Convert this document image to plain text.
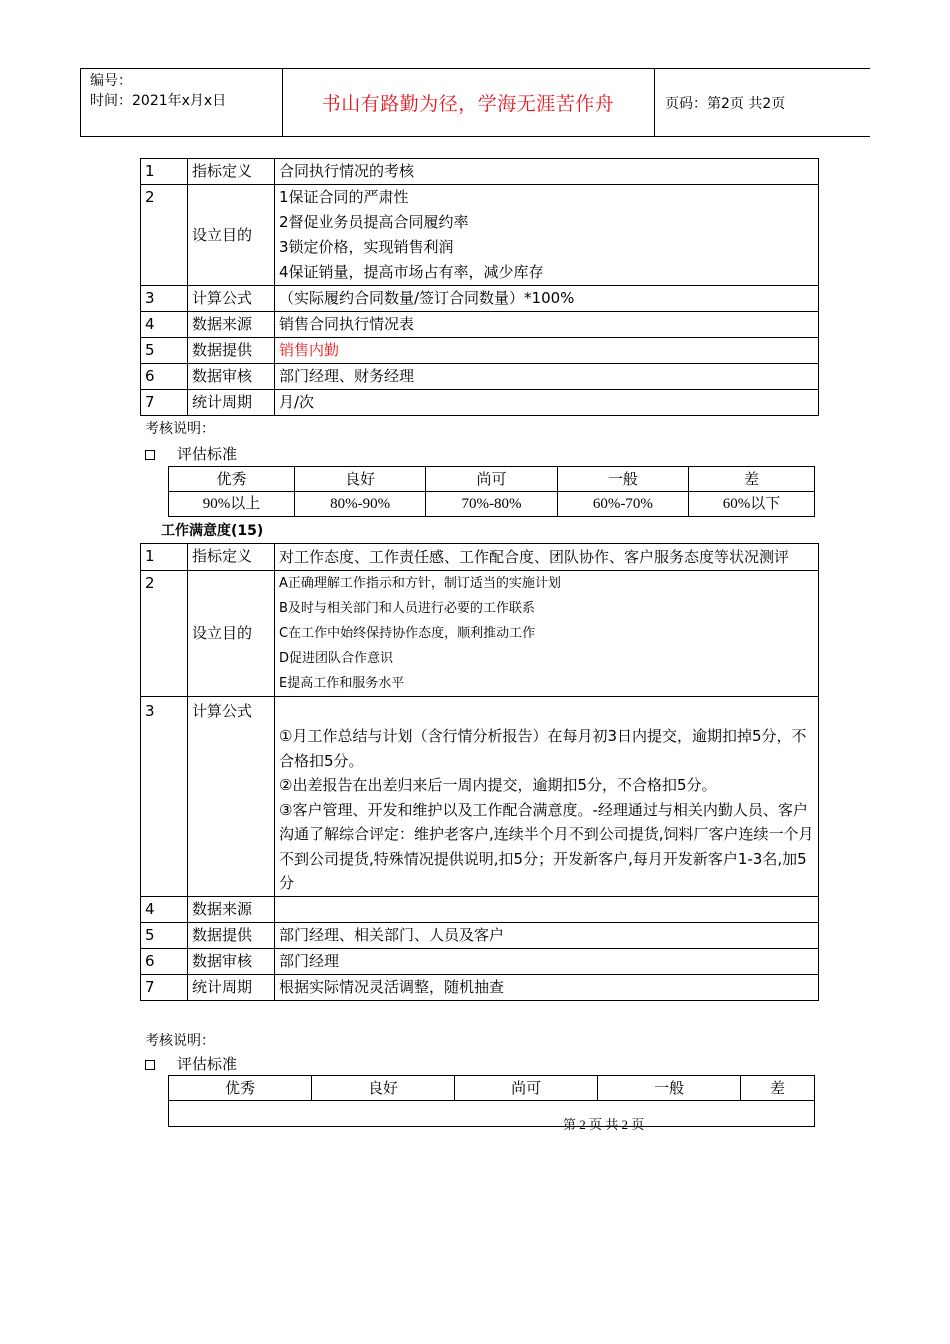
编号：
时间：2021年x月x日	书山有路勤为径，学海无涯苦作舟	页码：第2页 共2页
1	指标定义	合同执行情况的考核
2	设立目的	1保证合同的严肃性
2督促业务员提高合同履约率
3锁定价格，实现销售利润
4保证销量，提高市场占有率，减少库存

3	计算公式	（实际履约合同数量/签订合同数量）*100%
4	数据来源	销售合同执行情况表
5	数据提供	销售内勤
6	数据审核	部门经理、财务经理
7	统计周期	月/次
考核说明：
评估标准
优秀	良好	尚可	一般	差
90%以上	80%-90%	70%-80%	60%-70%	60%以下
工作满意度(15)
1	指标定义	对工作态度、工作责任感、工作配合度、团队协作、客户服务态度等状况测评
2	设立目的	A正确理解工作指示和方针，制订适当的实施计划
B及时与相关部门和人员进行必要的工作联系
C在工作中始终保持协作态度，顺利推动工作
D促进团队合作意识
E提高工作和服务水平

3	计算公式	①月工作总结与计划（含行情分析报告）在每月初3日内提交，逾期扣掉5分，不合格扣5分。
②出差报告在出差归来后一周内提交，逾期扣5分，不合格扣5分。
③客户管理、开发和维护以及工作配合满意度。-经理通过与相关内勤人员、客户沟通了解综合评定：维护老客户,连续半个月不到公司提货,饲料厂客户连续一个月不到公司提货,特殊情况提供说明,扣5分；开发新客户,每月开发新客户1-3名,加5分

4	数据来源	
5	数据提供	部门经理、相关部门、人员及客户
6	数据审核	部门经理
7	统计周期	根据实际情况灵活调整，随机抽查
考核说明：
评估标准
优秀	良好	尚可	一般	差

第 2 页 共 2 页
